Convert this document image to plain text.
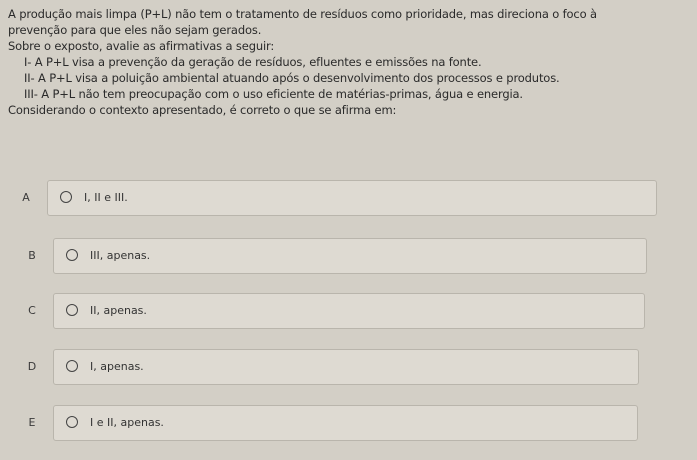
A produção mais limpa (P+L) não tem o tratamento de resíduos como prioridade, mas direciona o foco à

prevenção para que eles não sejam gerados.

Sobre o exposto, avalie as afirmativas a seguir:

I- A P+L visa a prevenção da geração de resíduos, efluentes e emissões na fonte.

II- A P+L visa a poluição ambiental atuando após o desenvolvimento dos processos e produtos.

III- A P+L não tem preocupação com o uso eficiente de matérias-primas, água e energia.

Considerando o contexto apresentado, é correto o que se afirma em:

A	I, II e III.
B	III, apenas.
C	II, apenas.
D	I, apenas.
E	I e II, apenas.
